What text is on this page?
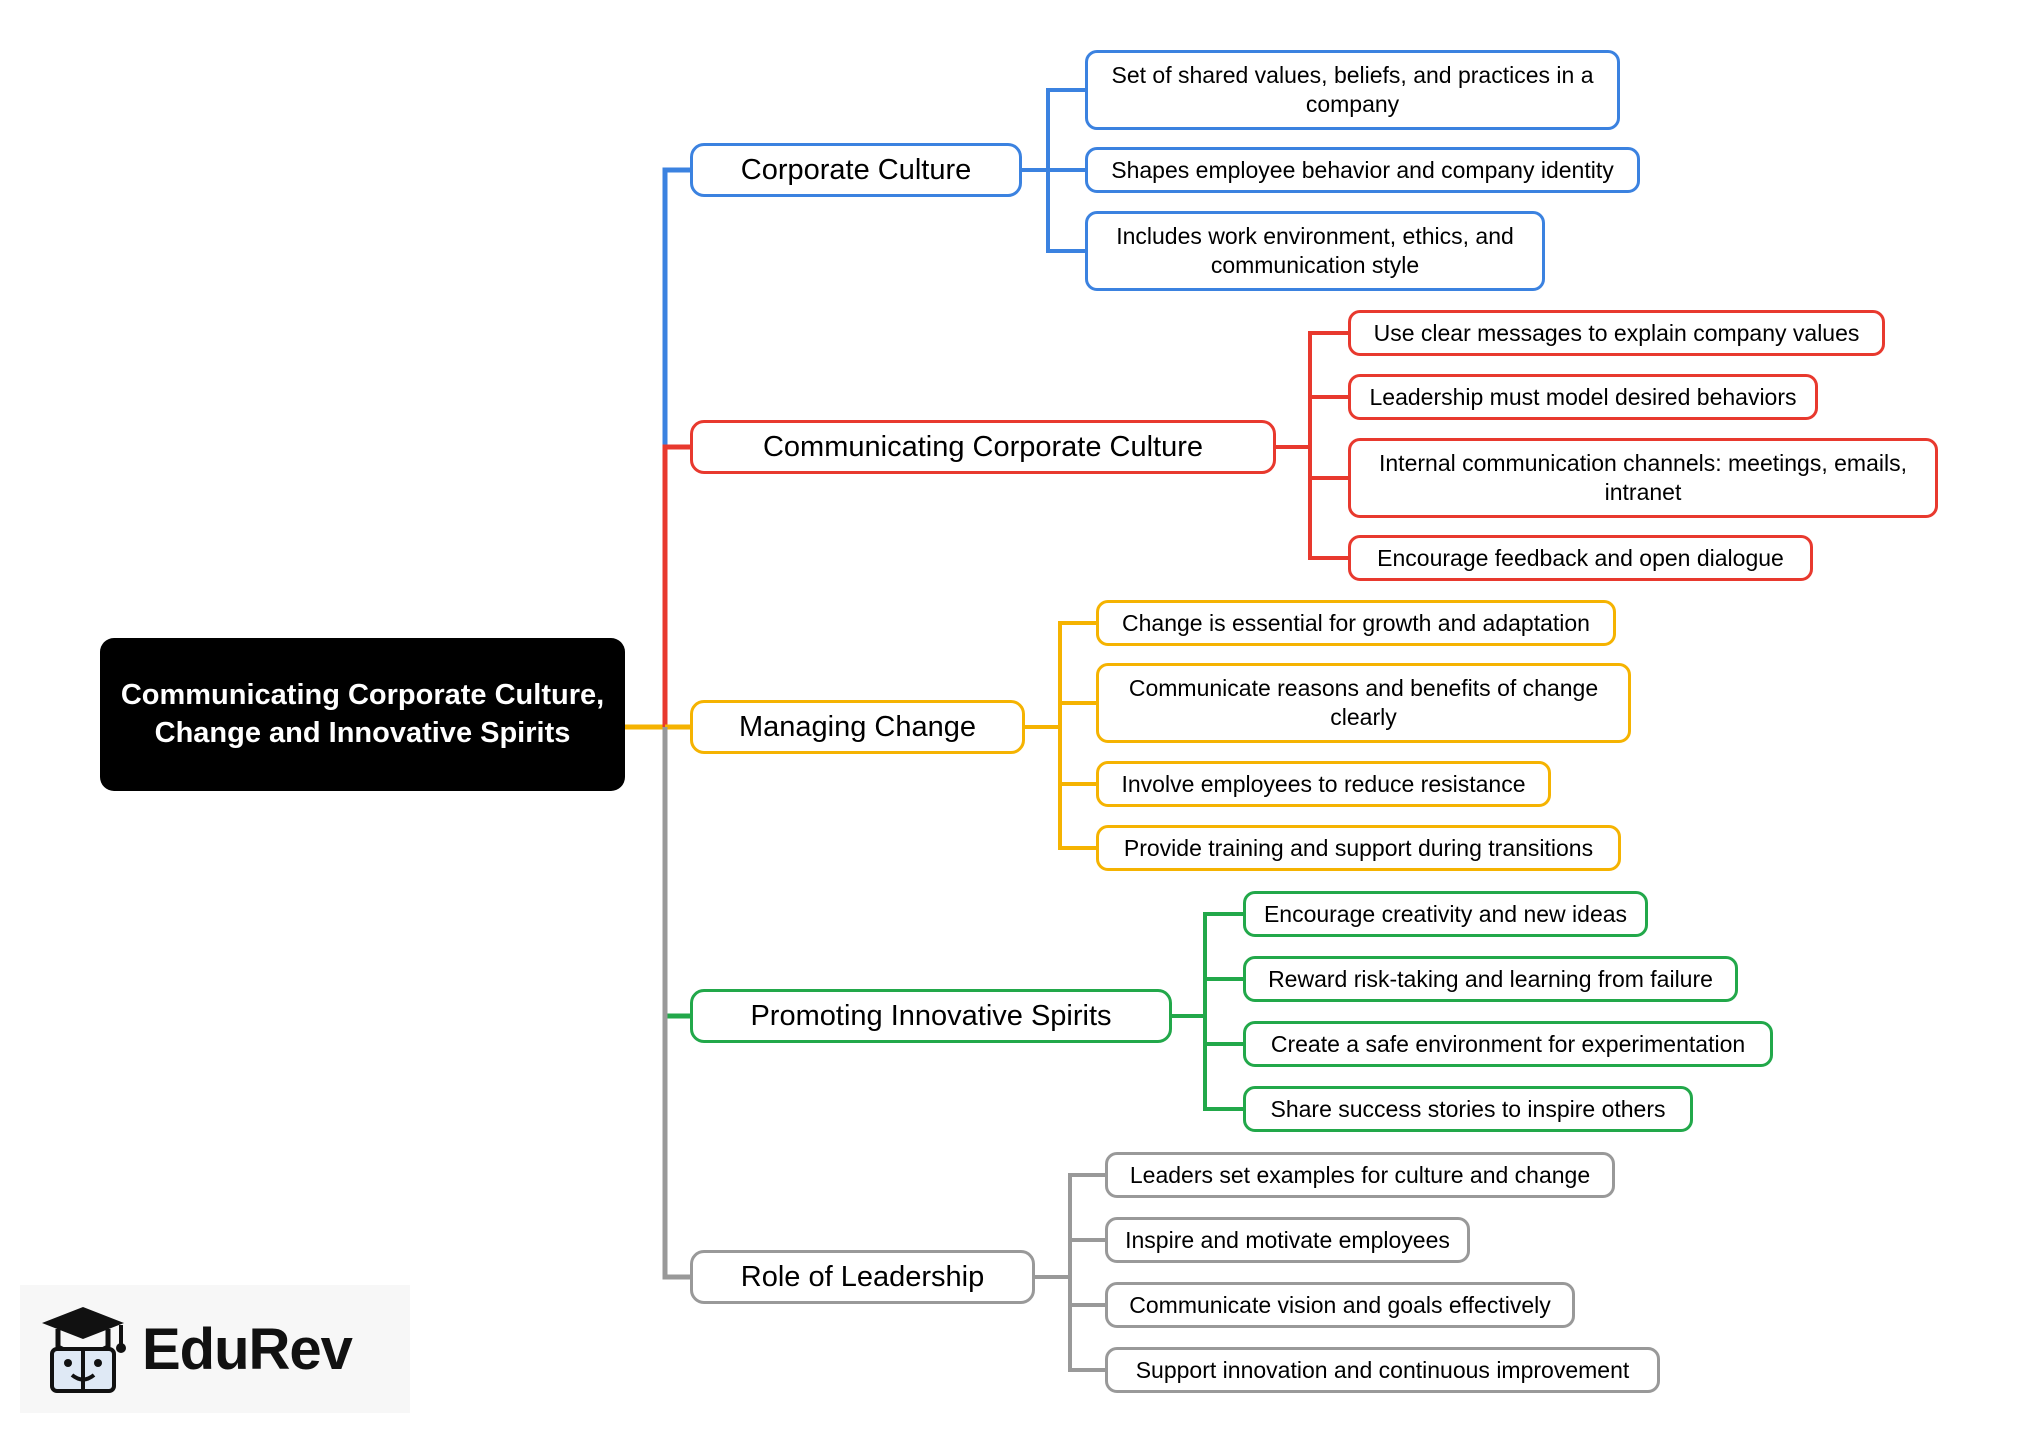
Communicating Corporate Culture, Change and Innovative Spirits
Corporate Culture
Set of shared values, beliefs, and practices in a company
Shapes employee behavior and company identity
Includes work environment, ethics, and communication style
Communicating Corporate Culture
Use clear messages to explain company values
Leadership must model desired behaviors
Internal communication channels: meetings, emails, intranet
Encourage feedback and open dialogue
Managing Change
Change is essential for growth and adaptation
Communicate reasons and benefits of change clearly
Involve employees to reduce resistance
Provide training and support during transitions
Promoting Innovative Spirits
Encourage creativity and new ideas
Reward risk-taking and learning from failure
Create a safe environment for experimentation
Share success stories to inspire others
Role of Leadership
Leaders set examples for culture and change
Inspire and motivate employees
Communicate vision and goals effectively
Support innovation and continuous improvement
EduRev
